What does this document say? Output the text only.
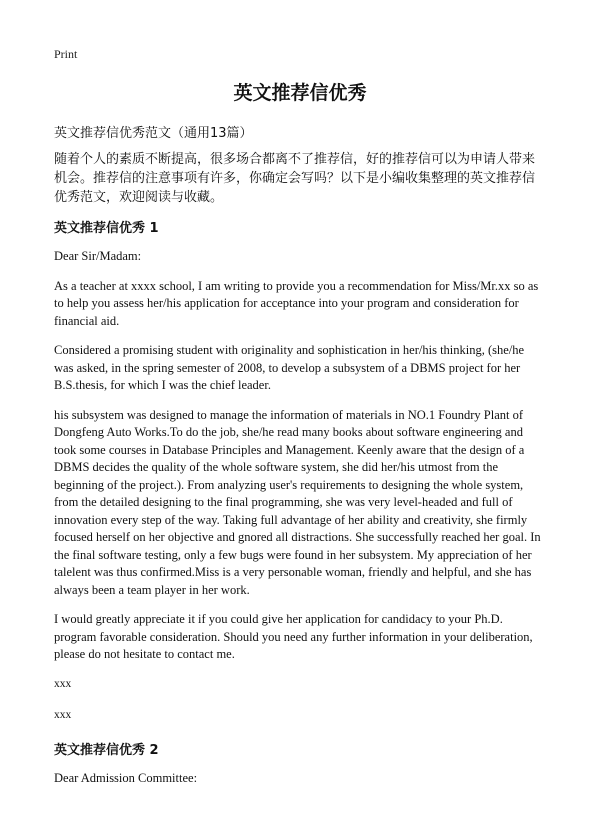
Print
英文推荐信优秀

英文推荐信优秀范文（通用13篇）

随着个人的素质不断提高，很多场合都离不了推荐信，好的推荐信可以为申请人带来机会。推荐信的注意事项有许多，你确定会写吗？以下是小编收集整理的英文推荐信优秀范文，欢迎阅读与收藏。

英文推荐信优秀 1

Dear Sir/Madam:

As a teacher at xxxx school, I am writing to provide you a recommendation for Miss/Mr.xx so as to help you assess her/his application for acceptance into your program and consideration for financial aid.

Considered a promising student with originality and sophistication in her/his thinking, (she/he was asked, in the spring semester of 2008, to develop a subsystem of a DBMS project for her B.S.thesis, for which I was the chief leader.

his subsystem was designed to manage the information of materials in NO.1 Foundry Plant of Dongfeng Auto Works.To do the job, she/he read many books about software engineering and took some courses in Database Principles and Management. Keenly aware that the design of a DBMS decides the quality of the whole software system, she did her/his utmost from the beginning of the project.). From analyzing user's requirements to designing the whole system, from the detailed designing to the final programming, she was very level-headed and full of innovation every step of the way. Taking full advantage of her ability and creativity, she firmly focused herself on her objective and gnored all distractions. She successfully reached her goal. In the final software testing, only a few bugs were found in her subsystem. My appreciation of her talelent was thus confirmed.Miss is a very personable woman, friendly and helpful, and she has always been a team player in her work.

I would greatly appreciate it if you could give her application for candidacy to your Ph.D. program favorable consideration. Should you need any further information in your deliberation, please do not hesitate to contact me.

xxx

xxx

英文推荐信优秀 2

Dear Admission Committee:
